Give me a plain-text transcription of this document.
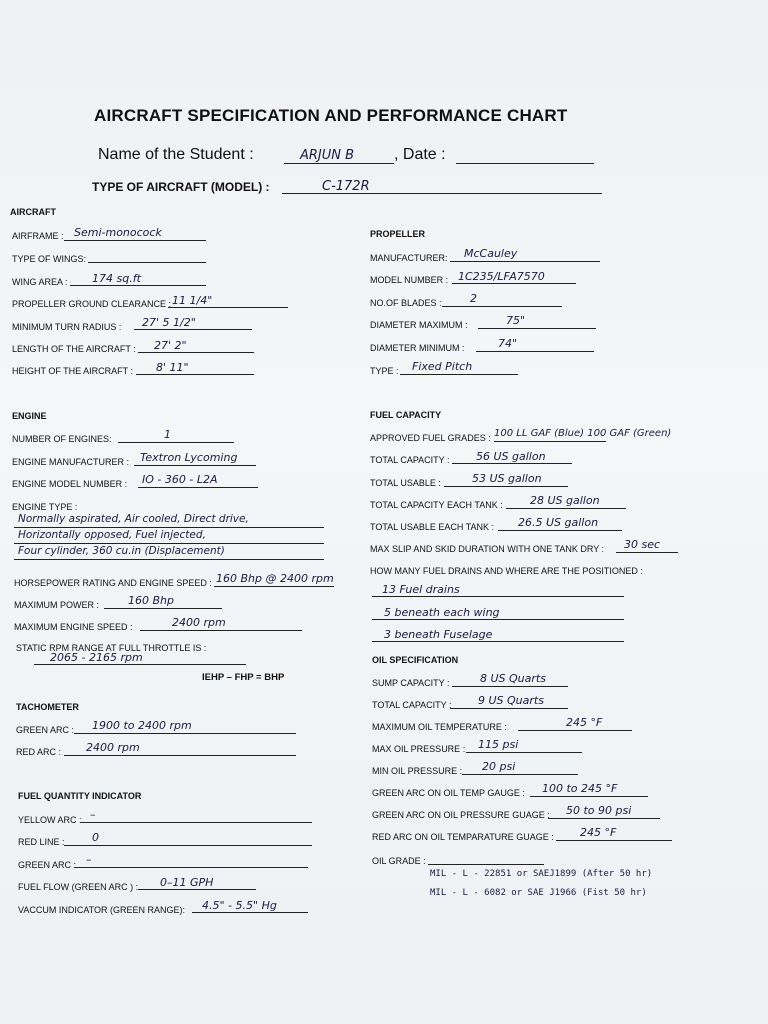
AIRCRAFT SPECIFICATION AND PERFORMANCE CHART
Name of the Student :	ARJUN B , Date :
TYPE OF AIRCRAFT (MODEL) :	C-172R
AIRCRAFT
AIRFRAME : Semi-monocock
TYPE OF WINGS:
WING AREA : 174 sq.ft
PROPELLER GROUND CLEARANCE : 11 1/4"
MINIMUM TURN RADIUS : 27' 5 1/2"
LENGTH OF THE AIRCRAFT : 27' 2"
HEIGHT OF THE AIRCRAFT : 8' 11"
PROPELLER
MANUFACTURER: McCauley
MODEL NUMBER : 1C235/LFA7570
NO.OF BLADES :	2
DIAMETER MAXIMUM :	75"
DIAMETER MINIMUM :	74"
TYPE : Fixed Pitch
ENGINE
NUMBER OF ENGINES:	1
ENGINE MANUFACTURER : Textron Lycoming
ENGINE MODEL NUMBER : IO - 360 - L2A
ENGINE TYPE :
Normally aspirated, Air cooled, Direct drive,
Horizontally opposed, Fuel injected,
Four cylinder, 360 cu.in (Displacement)
HORSEPOWER RATING AND ENGINE SPEED : 160 Bhp @ 2400 rpm
MAXIMUM POWER :	160 Bhp
MAXIMUM ENGINE SPEED :	2400 rpm
STATIC RPM RANGE AT FULL THROTTLE IS :
2065 - 2165 rpm
IEHP – FHP = BHP
TACHOMETER
GREEN ARC : 1900 to 2400 rpm
RED ARC : 2400 rpm
FUEL QUANTITY INDICATOR
YELLOW ARC : –
RED LINE : 0
GREEN ARC : –
FUEL FLOW (GREEN ARC ) : 0–11 GPH
VACCUM INDICATOR (GREEN RANGE): 4.5" - 5.5" Hg
FUEL CAPACITY
APPROVED FUEL GRADES : 100 LL GAF (Blue) 100 GAF (Green)
TOTAL CAPACITY : 56 US gallon
TOTAL USABLE :	53 US gallon
TOTAL CAPACITY EACH TANK : 28 US gallon
TOTAL USABLE EACH TANK : 26.5 US gallon
MAX SLIP AND SKID DURATION WITH ONE TANK DRY : 30 sec
HOW MANY FUEL DRAINS AND WHERE ARE THE POSITIONED :
13 Fuel drains
5 beneath each wing
3 beneath Fuselage
OIL SPECIFICATION
SUMP CAPACITY :	8 US Quarts
TOTAL CAPACITY : 9 US Quarts
MAXIMUM OIL TEMPERATURE :	245 °F
MAX OIL PRESSURE : 115 psi
MIN OIL PRESSURE : 20 psi
GREEN ARC ON OIL TEMP GAUGE : 100 to 245 °F
GREEN ARC ON OIL PRESSURE GUAGE : 50 to 90 psi
RED ARC ON OIL TEMPARATURE GUAGE : 245 °F
OIL GRADE :
MIL - L - 22851 or SAEJ1899 (After 50 hr)
MIL - L - 6082 or SAE J1966 (Fist 50 hr)
